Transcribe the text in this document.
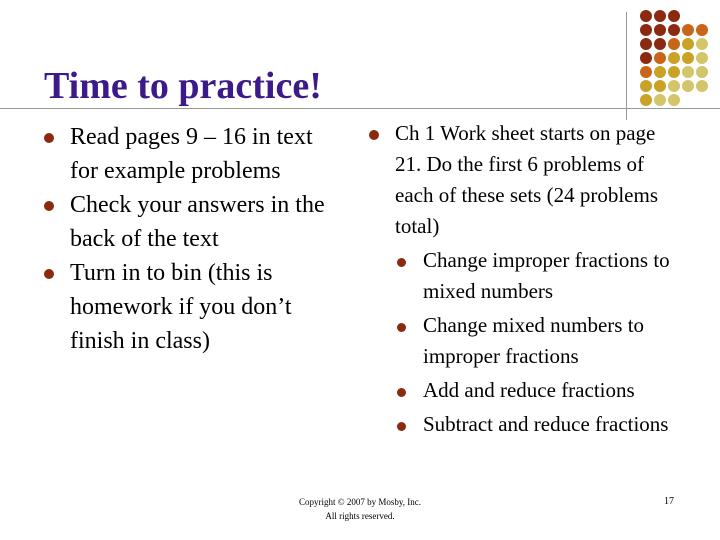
Time to practice!
Read pages 9 – 16 in text for example problems
Check your answers in the back of the text
Turn in to bin (this is homework if you don’t finish in class)
Ch 1 Work sheet starts on page 21. Do the first 6 problems of each of these sets (24 problems total)
Change improper fractions to mixed numbers
Change mixed numbers to improper fractions
Add and reduce fractions
Subtract and reduce fractions
Copyright © 2007 by Mosby, Inc.
All rights reserved.
17
